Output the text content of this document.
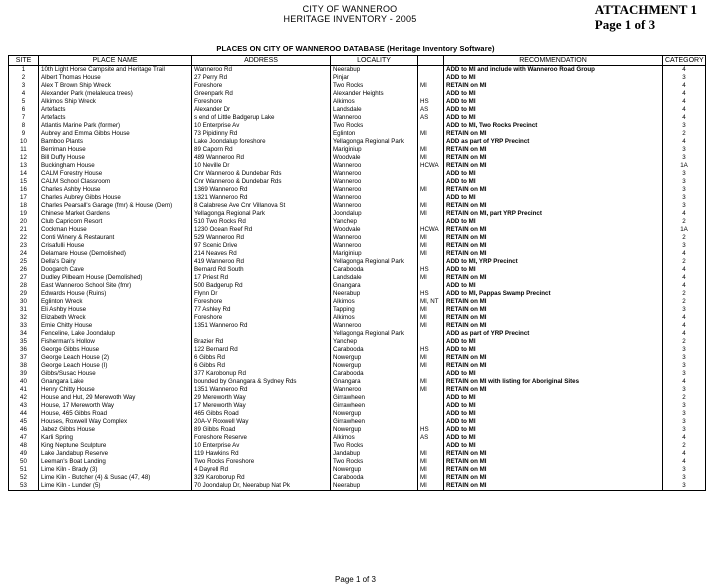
CITY OF WANNEROO
HERITAGE INVENTORY - 2005
ATTACHMENT 1
Page 1 of 3
PLACES ON CITY OF WANNEROO DATABASE (Heritage Inventory Software)
SITE	PLACE NAME	ADDRESS	LOCALITY		RECOMMENDATION	CATEGORY
1	10th Light Horse Campsite and Heritage Trail	Wanneroo Rd	Neerabup		ADD to MI and include with Wanneroo Road Group	4
2	Albert Thomas House	27 Perry Rd	Pinjar		ADD to MI	3
3	Alex T Brown Ship Wreck	Foreshore	Two Rocks	MI	RETAIN on MI	4
4	Alexander Park (melaleuca trees)	Greenpark Rd	Alexander Heights		ADD to MI	4
5	Alkimos Ship Wreck	Foreshore	Alkimos	HS	ADD to MI	4
6	Artefacts	Alexander Dr	Landsdale	AS	ADD to MI	4
7	Artefacts	s end of Little Badgerup Lake	Wanneroo	AS	ADD to MI	4
8	Atlantis Marine Park (former)	10 Enterprise Av	Two Rocks		ADD to MI, Two Rocks Precinct	3
9	Aubrey and Emma Gibbs House	73 Pipidinny Rd	Eglinton	MI	RETAIN on MI	2
10	Bamboo Plants	Lake Joondalup foreshore	Yellagonga Regional Park		ADD as part of YRP Precinct	4
11	Berriman House	89 Caporn Rd	Mariginiup	MI	RETAIN on MI	3
12	Bill Duffy House	489 Wanneroo Rd	Woodvale	MI	RETAIN on MI	3
13	Buckingham House	10 Neville Dr	Wanneroo	HCWA	RETAIN on MI	1A
14	CALM Forestry House	Cnr Wanneroo & Dundebar Rds	Wanneroo		ADD to MI	3
15	CALM School Classroom	Cnr Wanneroo & Dundebar Rds	Wanneroo		ADD to MI	3
16	Charles Ashby House	1369 Wanneroo Rd	Wanneroo	MI	RETAIN on MI	3
17	Charles Aubrey Gibbs House	1321 Wanneroo Rd	Wanneroo		ADD to MI	3
18	Charles Pearsall's Garage (fmr) & House (Dem)	8 Calabrese Ave Cnr Villanova St	Wanneroo	MI	RETAIN on MI	3
19	Chinese Market Gardens	Yellagonga Regional Park	Joondalup	MI	RETAIN on MI, part YRP Precinct	4
20	Club Capricorn Resort	510 Two Rocks Rd	Yanchep		ADD to MI	2
21	Cockman House	1230 Ocean Reef Rd	Woodvale	HCWA	RETAIN on MI	1A
22	Conti Winery & Restaurant	529 Wanneroo Rd	Wanneroo	MI	RETAIN on MI	2
23	Crisafulli House	97 Scenic Drive	Wanneroo	MI	RETAIN on MI	3
24	Delamare House (Demolished)	214 Neaves Rd	Mariginiup	MI	RETAIN on MI	4
25	Della's Dairy	419 Wanneroo Rd	Yellagonga Regional Park		ADD to MI, YRP Precinct	2
26	Doogarch Cave	Bernard Rd South	Carabooda	HS	ADD to MI	4
27	Dudley Pilbeam House (Demolished)	17 Priest Rd	Landsdale	MI	RETAIN on MI	4
28	East Wanneroo School Site (fmr)	500 Badgerup Rd	Gnangara		ADD to MI	4
29	Edwards House (Ruins)	Flynn Dr	Neerabup	HS	ADD to MI, Pappas Swamp Precinct	2
30	Eglinton Wreck	Foreshore	Alkimos	MI, NT	RETAIN on MI	2
31	Eli Ashby House	77 Ashley Rd	Tapping	MI	RETAIN on MI	3
32	Elizabeth Wreck	Foreshore	Alkimos	MI	RETAIN on MI	4
33	Emie Chitty House	1351 Wanneroo Rd	Wanneroo	MI	RETAIN on MI	4
34	Fenceline, Lake Joondalup		Yellagonga Regional Park		ADD as part of YRP Precinct	4
35	Fisherman's Hollow	Brazier Rd	Yanchep		ADD to MI	2
36	George Gibbs House	122 Bernard Rd	Carabooda	HS	ADD to MI	3
37	George Leach House (2)	6 Gibbs Rd	Nowergup	MI	RETAIN on MI	3
38	George Leach House (I)	6 Gibbs Rd	Nowergup	MI	RETAIN on MI	3
39	Gibbs/Susac House	377 Karobonup Rd	Carabooda		ADD to MI	3
40	Gnangara Lake	bounded by Gnangara & Sydney Rds	Gnangara	MI	RETAIN on MI with listing for Aboriginal Sites	4
41	Henry Chitty House	1351 Wanneroo Rd	Wanneroo	MI	RETAIN on MI	3
42	House and Hut, 29 Merewoth Way	29 Mereworth Way	Girrawheen		ADD to MI	2
43	House, 17 Mereworth Way	17 Mereworth Way	Girrawheen		ADD to MI	3
44	House, 465 Gibbs Road	465 Gibbs Road	Nowergup		ADD to MI	3
45	Houses, Roxwell Way Complex	20A-V Roxwell Way	Girrawheen		ADD to MI	3
46	Jabez Gibbs House	89 Gibbs Road	Nowergup	HS	ADD to MI	3
47	Karli Spring	Foreshore Reserve	Alkimos	AS	ADD to MI	4
48	King Neptune Sculpture	10 Enterprise Av	Two Rocks		ADD to MI	2
49	Lake Jandabup Reserve	119 Hawkins Rd	Jandabup	MI	RETAIN on MI	4
50	Leeman's Boat Landing	Two Rocks Foreshore	Two Rocks	MI	RETAIN on MI	4
51	Lime Kiln - Brady (3)	4 Dayrell Rd	Nowergup	MI	RETAIN on MI	3
52	Lime Kiln - Butcher (4) & Susac (47, 48)	329 Karoborup Rd	Carabooda	MI	RETAIN on MI	3
53	Lime Kiln - Lunder (5)	70 Joondalup Dr, Neerabup Nat Pk	Neerabup	MI	RETAIN on MI	3
Page 1 of 3
